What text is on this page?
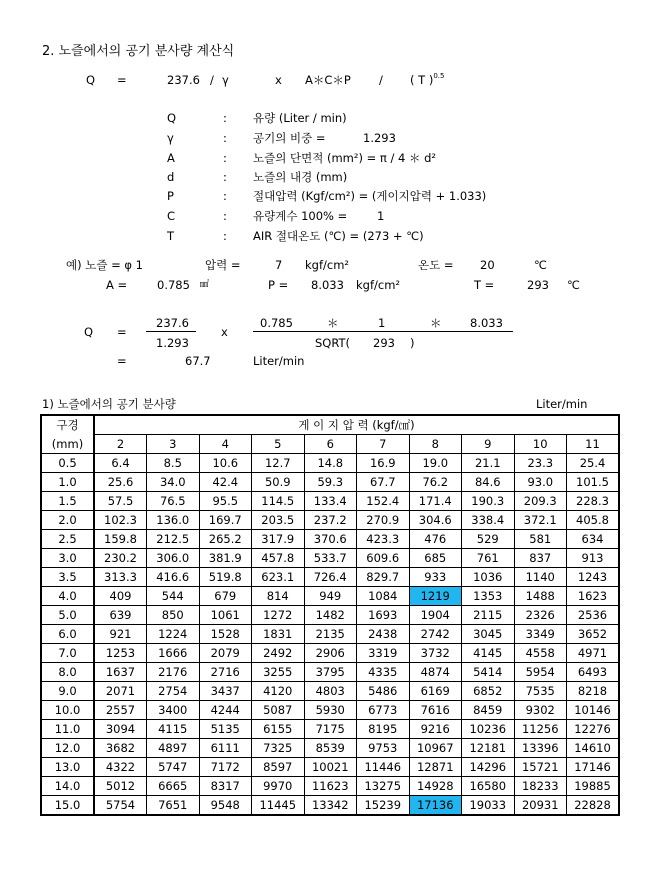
2. 노즐에서의 공기 분사량 계산식
Q =	237.6 / γ	x A＊C＊P / ( T )$^{0.5}$
Q	: 유량 (Liter / min)
γ	: 공기의 비중 =	1.293
A	: 노즐의 단면적 (mm²) = π / 4 ＊ d²
d	: 노즐의 내경 (mm)
P	: 절대압력 (Kgf/cm²) = (게이지압력 + 1.033)
C	: 유량계수 100% =	1
T	: AIR 절대온도 (℃) = (273 + ℃)
예) 노즐 = φ 1	압력 =	7 kgf/cm²	온도 = 20	℃
A =	0.785 ㎟	P = 8.033 kgf/cm²	T =	293 ℃
Q =
237.6
1.293
x
0.785	＊	1	＊ 8.033
SQRT( 293 )
=	67.7	Liter/min
1) 노즐에서의 공기 분사량	Liter/min
구경	게 이 지 압 력 (kgf/㎠)									
(mm)	2	3	4	5	6	7	8	9	10	11
0.5	6.4	8.5	10.6	12.7	14.8	16.9	19.0	21.1	23.3	25.4
1.0	25.6	34.0	42.4	50.9	59.3	67.7	76.2	84.6	93.0	101.5
1.5	57.5	76.5	95.5	114.5	133.4	152.4	171.4	190.3	209.3	228.3
2.0	102.3	136.0	169.7	203.5	237.2	270.9	304.6	338.4	372.1	405.8
2.5	159.8	212.5	265.2	317.9	370.6	423.3	476	529	581	634
3.0	230.2	306.0	381.9	457.8	533.7	609.6	685	761	837	913
3.5	313.3	416.6	519.8	623.1	726.4	829.7	933	1036	1140	1243
4.0	409	544	679	814	949	1084	1219	1353	1488	1623
5.0	639	850	1061	1272	1482	1693	1904	2115	2326	2536
6.0	921	1224	1528	1831	2135	2438	2742	3045	3349	3652
7.0	1253	1666	2079	2492	2906	3319	3732	4145	4558	4971
8.0	1637	2176	2716	3255	3795	4335	4874	5414	5954	6493
9.0	2071	2754	3437	4120	4803	5486	6169	6852	7535	8218
10.0	2557	3400	4244	5087	5930	6773	7616	8459	9302	10146
11.0	3094	4115	5135	6155	7175	8195	9216	10236	11256	12276
12.0	3682	4897	6111	7325	8539	9753	10967	12181	13396	14610
13.0	4322	5747	7172	8597	10021	11446	12871	14296	15721	17146
14.0	5012	6665	8317	9970	11623	13275	14928	16580	18233	19885
15.0	5754	7651	9548	11445	13342	15239	17136	19033	20931	22828
